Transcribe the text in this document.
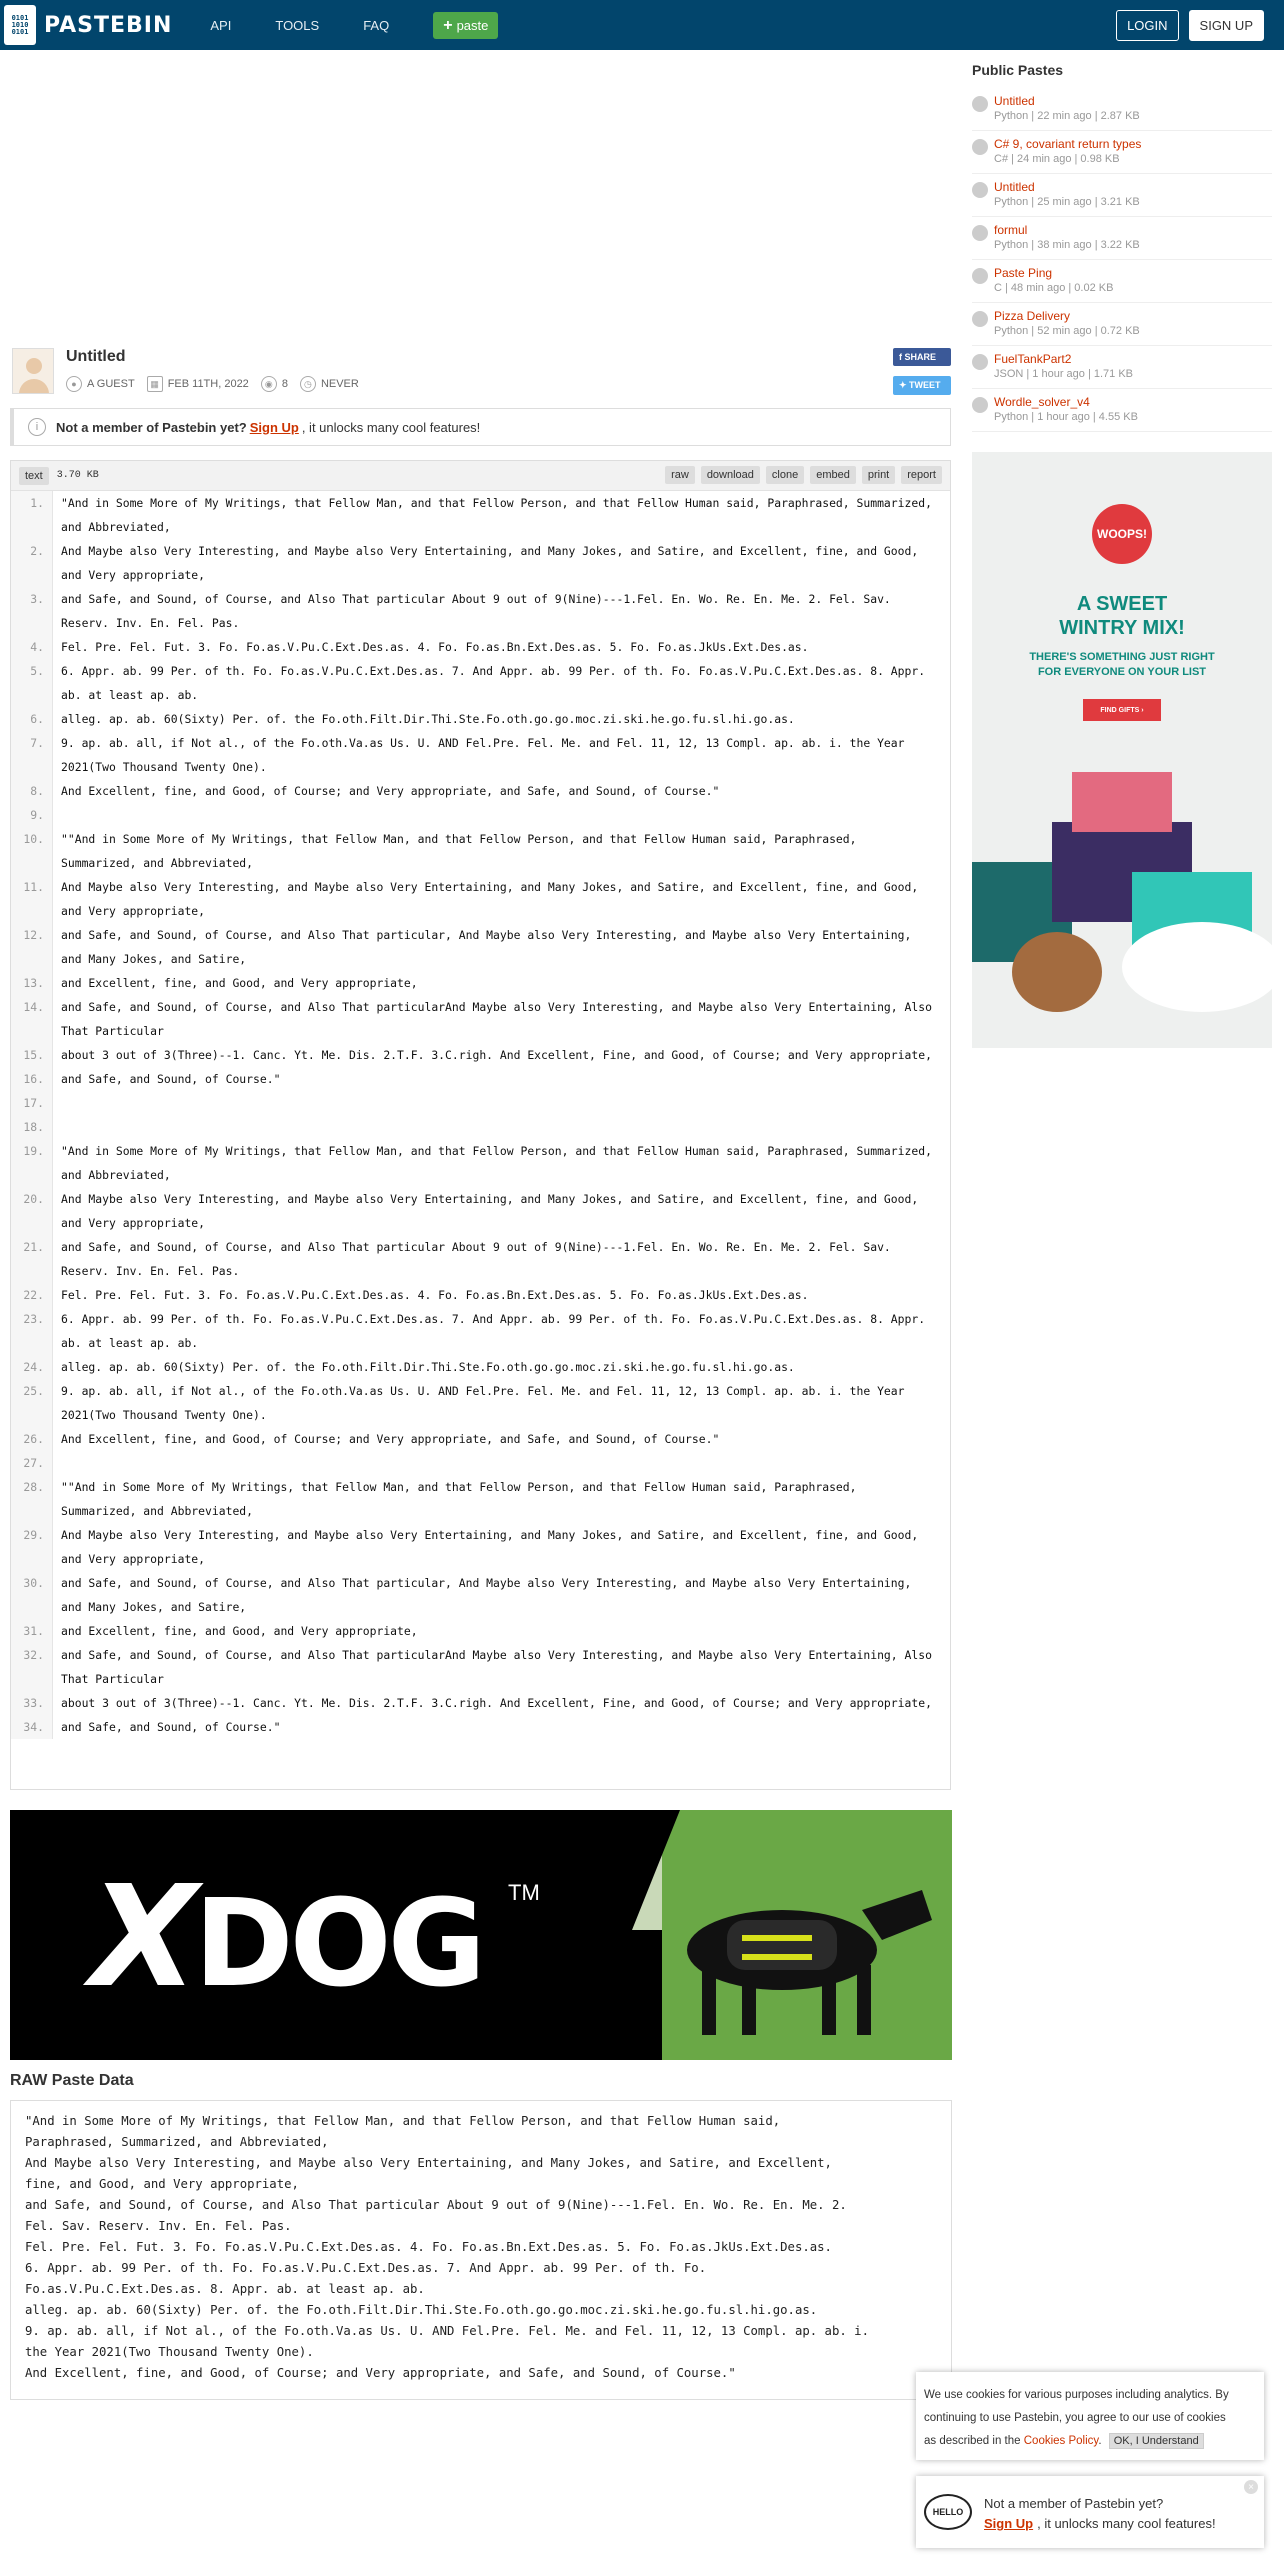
0101
1010
0101 PASTEBIN	API	TOOLS	FAQ	+ paste	LOGIN	SIGN UP
Untitled
● A GUEST	▦ FEB 11TH, 2022	◉ 8	◷ NEVER
f SHARE
✦ TWEET
i	Not a member of Pastebin yet? Sign Up , it unlocks many cool features!
text	3.70 KB	raw	download	clone	embed	print	report
1.	"And in Some More of My Writings, that Fellow Man, and that Fellow Person, and that Fellow Human said, Paraphrased, Summarized, and Abbreviated,
2.	And Maybe also Very Interesting, and Maybe also Very Entertaining, and Many Jokes, and Satire, and Excellent, fine, and Good, and Very appropriate,
3.	and Safe, and Sound, of Course, and Also That particular About 9 out of 9(Nine)---1.Fel. En. Wo. Re. En. Me. 2. Fel. Sav. Reserv. Inv. En. Fel. Pas.
4.	Fel. Pre. Fel. Fut. 3. Fo. Fo.as.V.Pu.C.Ext.Des.as. 4. Fo. Fo.as.Bn.Ext.Des.as. 5. Fo. Fo.as.JkUs.Ext.Des.as.
5.	6. Appr. ab. 99 Per. of th. Fo. Fo.as.V.Pu.C.Ext.Des.as. 7. And Appr. ab. 99 Per. of th. Fo. Fo.as.V.Pu.C.Ext.Des.as. 8. Appr. ab. at least ap. ab.
6.	alleg. ap. ab. 60(Sixty) Per. of. the Fo.oth.Filt.Dir.Thi.Ste.Fo.oth.go.go.moc.zi.ski.he.go.fu.sl.hi.go.as.
7.	9. ap. ab. all, if Not al., of the Fo.oth.Va.as Us. U. AND Fel.Pre. Fel. Me. and Fel. 11, 12, 13 Compl. ap. ab. i. the Year 2021(Two Thousand Twenty One).
8.	And Excellent, fine, and Good, of Course; and Very appropriate, and Safe, and Sound, of Course."
9.
10.	""And in Some More of My Writings, that Fellow Man, and that Fellow Person, and that Fellow Human said, Paraphrased, Summarized, and Abbreviated,
11.	And Maybe also Very Interesting, and Maybe also Very Entertaining, and Many Jokes, and Satire, and Excellent, fine, and Good, and Very appropriate,
12.	and Safe, and Sound, of Course, and Also That particular, And Maybe also Very Interesting, and Maybe also Very Entertaining, and Many Jokes, and Satire,
13.	and Excellent, fine, and Good, and Very appropriate,
14.	and Safe, and Sound, of Course, and Also That particularAnd Maybe also Very Interesting, and Maybe also Very Entertaining, Also That Particular
15.	about 3 out of 3(Three)--1. Canc. Yt. Me. Dis. 2.T.F. 3.C.righ. And Excellent, Fine, and Good, of Course; and Very appropriate,
16.	and Safe, and Sound, of Course."
17.
18.
19.	"And in Some More of My Writings, that Fellow Man, and that Fellow Person, and that Fellow Human said, Paraphrased, Summarized, and Abbreviated,
20.	And Maybe also Very Interesting, and Maybe also Very Entertaining, and Many Jokes, and Satire, and Excellent, fine, and Good, and Very appropriate,
21.	and Safe, and Sound, of Course, and Also That particular About 9 out of 9(Nine)---1.Fel. En. Wo. Re. En. Me. 2. Fel. Sav. Reserv. Inv. En. Fel. Pas.
22.	Fel. Pre. Fel. Fut. 3. Fo. Fo.as.V.Pu.C.Ext.Des.as. 4. Fo. Fo.as.Bn.Ext.Des.as. 5. Fo. Fo.as.JkUs.Ext.Des.as.
23.	6. Appr. ab. 99 Per. of th. Fo. Fo.as.V.Pu.C.Ext.Des.as. 7. And Appr. ab. 99 Per. of th. Fo. Fo.as.V.Pu.C.Ext.Des.as. 8. Appr. ab. at least ap. ab.
24.	alleg. ap. ab. 60(Sixty) Per. of. the Fo.oth.Filt.Dir.Thi.Ste.Fo.oth.go.go.moc.zi.ski.he.go.fu.sl.hi.go.as.
25.	9. ap. ab. all, if Not al., of the Fo.oth.Va.as Us. U. AND Fel.Pre. Fel. Me. and Fel. 11, 12, 13 Compl. ap. ab. i. the Year 2021(Two Thousand Twenty One).
26.	And Excellent, fine, and Good, of Course; and Very appropriate, and Safe, and Sound, of Course."
27.
28.	""And in Some More of My Writings, that Fellow Man, and that Fellow Person, and that Fellow Human said, Paraphrased, Summarized, and Abbreviated,
29.	And Maybe also Very Interesting, and Maybe also Very Entertaining, and Many Jokes, and Satire, and Excellent, fine, and Good, and Very appropriate,
30.	and Safe, and Sound, of Course, and Also That particular, And Maybe also Very Interesting, and Maybe also Very Entertaining, and Many Jokes, and Satire,
31.	and Excellent, fine, and Good, and Very appropriate,
32.	and Safe, and Sound, of Course, and Also That particularAnd Maybe also Very Interesting, and Maybe also Very Entertaining, Also That Particular
33.	about 3 out of 3(Three)--1. Canc. Yt. Me. Dis. 2.T.F. 3.C.righ. And Excellent, Fine, and Good, of Course; and Very appropriate,
34.	and Safe, and Sound, of Course."
XDOG TM
RAW Paste Data
"And in Some More of My Writings, that Fellow Man, and that Fellow Person, and that Fellow Human said,
Paraphrased, Summarized, and Abbreviated,
And Maybe also Very Interesting, and Maybe also Very Entertaining, and Many Jokes, and Satire, and Excellent,
fine, and Good, and Very appropriate,
and Safe, and Sound, of Course, and Also That particular About 9 out of 9(Nine)---1.Fel. En. Wo. Re. En. Me. 2.
Fel. Sav. Reserv. Inv. En. Fel. Pas.
Fel. Pre. Fel. Fut. 3. Fo. Fo.as.V.Pu.C.Ext.Des.as. 4. Fo. Fo.as.Bn.Ext.Des.as. 5. Fo. Fo.as.JkUs.Ext.Des.as.
6. Appr. ab. 99 Per. of th. Fo. Fo.as.V.Pu.C.Ext.Des.as. 7. And Appr. ab. 99 Per. of th. Fo.
Fo.as.V.Pu.C.Ext.Des.as. 8. Appr. ab. at least ap. ab.
alleg. ap. ab. 60(Sixty) Per. of. the Fo.oth.Filt.Dir.Thi.Ste.Fo.oth.go.go.moc.zi.ski.he.go.fu.sl.hi.go.as.
9. ap. ab. all, if Not al., of the Fo.oth.Va.as Us. U. AND Fel.Pre. Fel. Me. and Fel. 11, 12, 13 Compl. ap. ab. i.
the Year 2021(Two Thousand Twenty One).
And Excellent, fine, and Good, of Course; and Very appropriate, and Safe, and Sound, of Course."
Public Pastes
Untitled
Python | 22 min ago | 2.87 KB
C# 9, covariant return types
C# | 24 min ago | 0.98 KB
Untitled
Python | 25 min ago | 3.21 KB
formul
Python | 38 min ago | 3.22 KB
Paste Ping
C | 48 min ago | 0.02 KB
Pizza Delivery
Python | 52 min ago | 0.72 KB
FuelTankPart2
JSON | 1 hour ago | 1.71 KB
Wordle_solver_v4
Python | 1 hour ago | 4.55 KB
WOOPS!
A SWEET
WINTRY MIX!
THERE'S SOMETHING JUST RIGHT
FOR EVERYONE ON YOUR LIST
FIND GIFTS ›
We use cookies for various purposes including analytics. By
continuing to use Pastebin, you agree to our use of cookies
as described in the Cookies Policy. OK, I Understand
HELLO
Not a member of Pastebin yet?
Sign Up , it unlocks many cool features!
×
